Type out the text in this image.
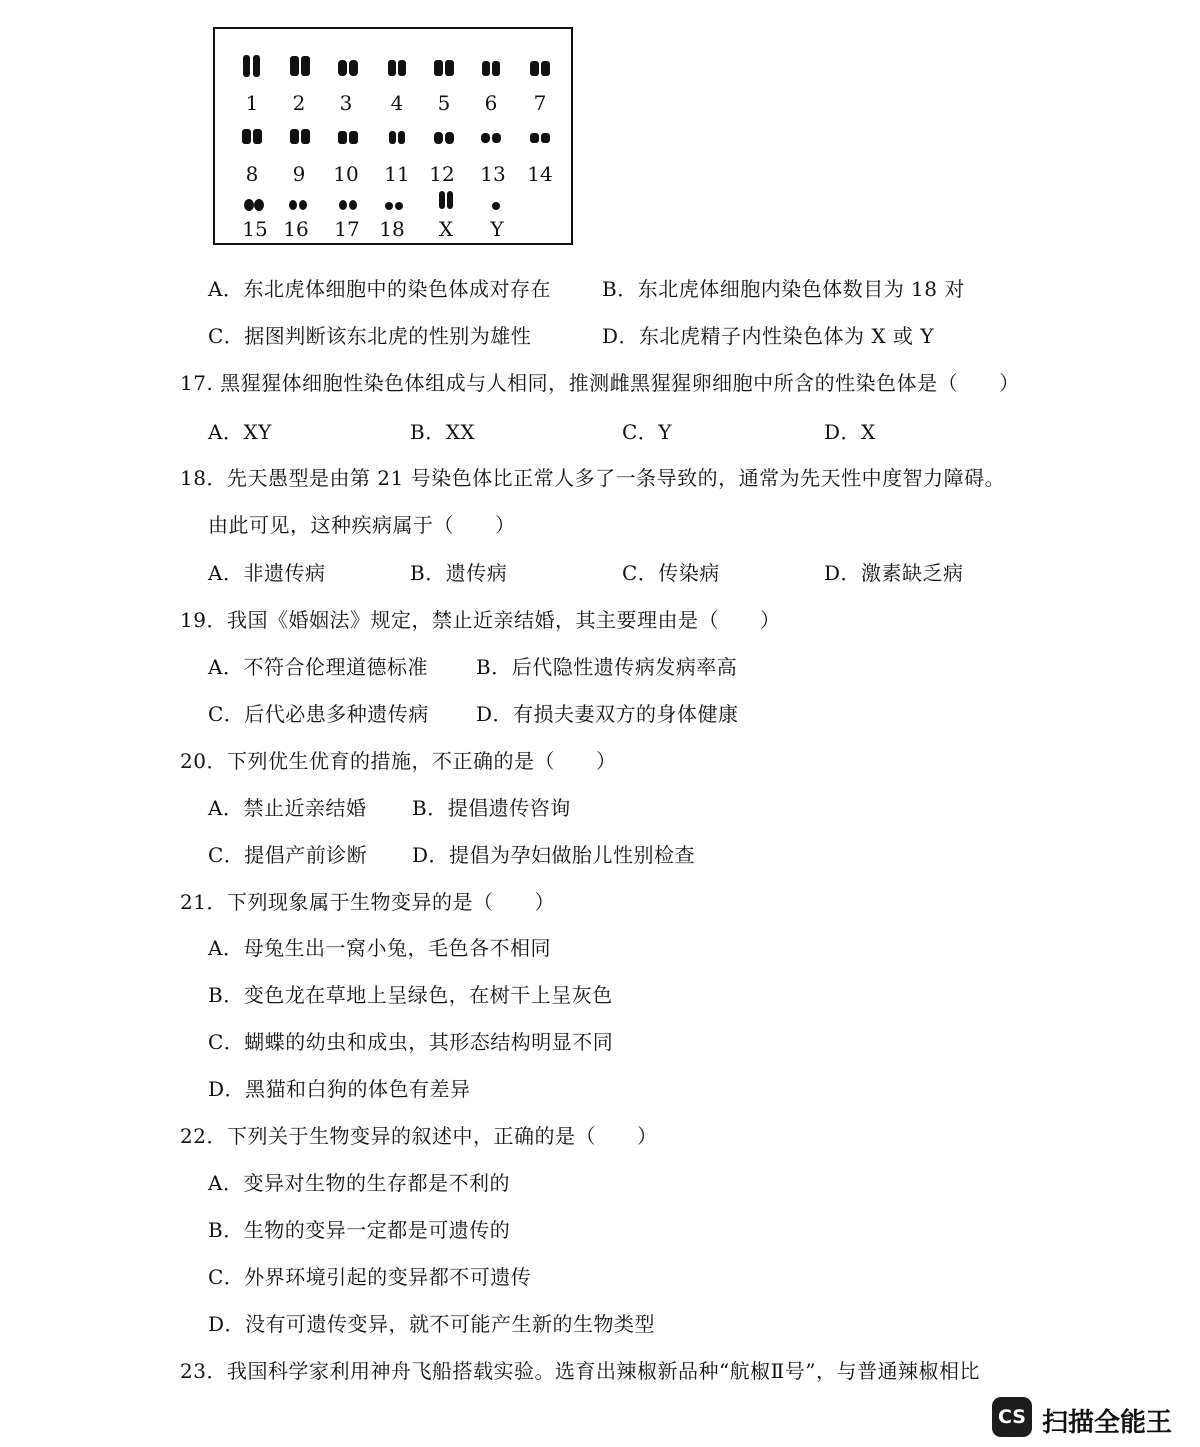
1	2	3	4	5	6	7
8	9	10	11 12	13	14
15 16	17 18	X	Y
A．东北虎体细胞中的染色体成对存在	B．东北虎体细胞内染色体数目为 18 对
C．据图判断该东北虎的性别为雄性	D．东北虎精子内性染色体为 X 或 Y
17. 黑猩猩体细胞性染色体组成与人相同，推测雌黑猩猩卵细胞中所含的性染色体是（　　）
A．XY	B．XX	C．Y	D．X
18．先天愚型是由第 21 号染色体比正常人多了一条导致的，通常为先天性中度智力障碍。
由此可见，这种疾病属于（　　）
A．非遗传病	B．遗传病	C．传染病	D．激素缺乏病
19．我国《婚姻法》规定，禁止近亲结婚，其主要理由是（　　）
A．不符合伦理道德标准 B．后代隐性遗传病发病率高
C．后代必患多种遗传病 D．有损夫妻双方的身体健康
20．下列优生优育的措施，不正确的是（　　）
A．禁止近亲结婚 B．提倡遗传咨询
C．提倡产前诊断 D．提倡为孕妇做胎儿性别检查
21．下列现象属于生物变异的是（　　）
A．母兔生出一窝小兔，毛色各不相同
B．变色龙在草地上呈绿色，在树干上呈灰色
C．蝴蝶的幼虫和成虫，其形态结构明显不同
D．黑猫和白狗的体色有差异
22．下列关于生物变异的叙述中，正确的是（　　）
A．变异对生物的生存都是不利的
B．生物的变异一定都是可遗传的
C．外界环境引起的变异都不可遗传
D．没有可遗传变异，就不可能产生新的生物类型
23．我国科学家利用神舟飞船搭载实验。选育出辣椒新品种“航椒Ⅱ号”，与普通辣椒相比
CS 扫描全能王
